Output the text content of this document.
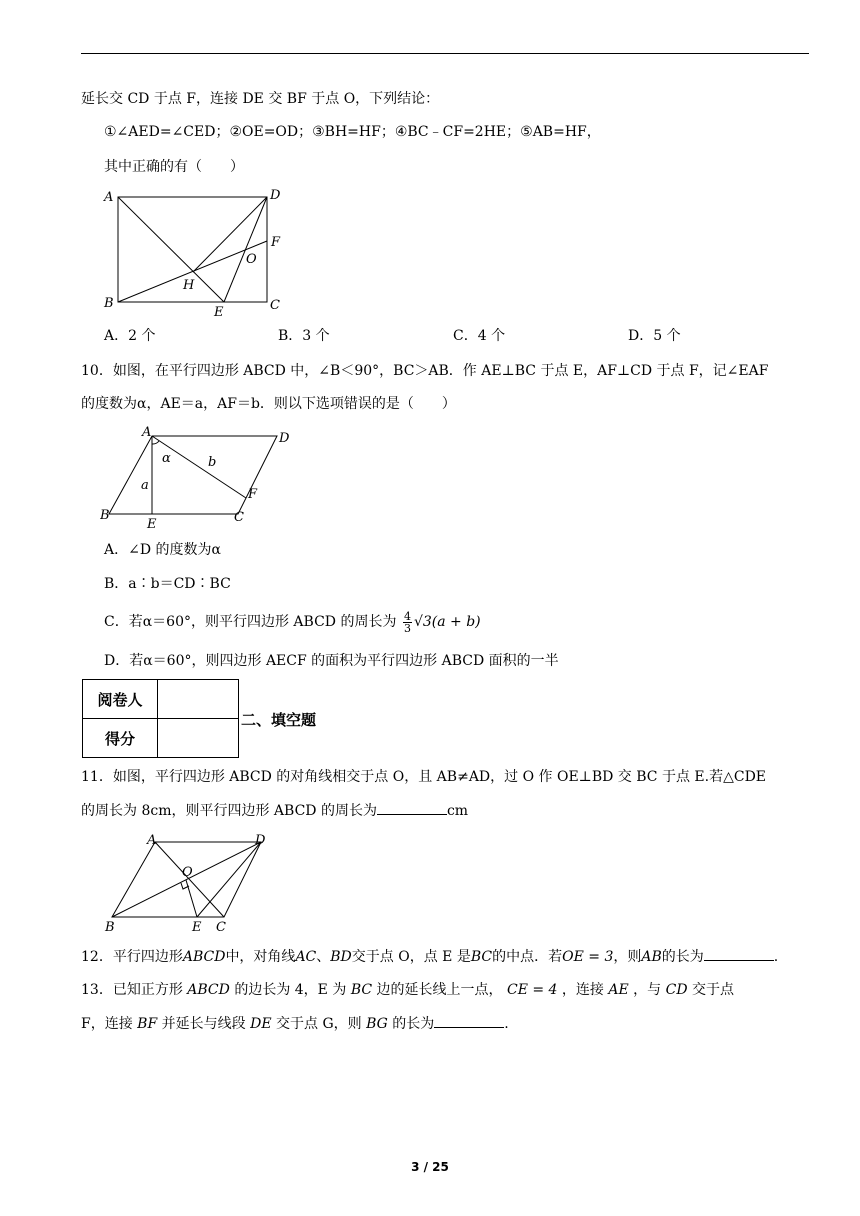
延长交 CD 于点 F，连接 DE 交 BF 于点 O，下列结论：
①∠AED=∠CED；②OE=OD；③BH=HF；④BC﹣CF=2HE；⑤AB=HF，
其中正确的有（　　）
A	D
F
O
H
B
E	C
A．2 个	B．3 个	C．4 个	D．5 个
10．如图，在平行四边形 ABCD 中，∠B＜90°，BC＞AB．作 AE⊥BC 于点 E，AF⊥CD 于点 F，记∠EAF
的度数为α，AE＝a，AF＝b．则以下选项错误的是（　　）
A	D
F
B
E	C
α
a
b
A．∠D 的度数为α
B．a∶b＝CD∶BC
C．若α＝60°，则平行四边形 ABCD 的周长为 $\frac{4}{3} √3(a + b)$
D．若α＝60°，则四边形 AECF 的面积为平行四边形 ABCD 面积的一半
阅卷人	
得分	
二、填空题
11．如图，平行四边形 ABCD 的对角线相交于点 O，且 AB≠AD，过 O 作 OE⊥BD 交 BC 于点 E.若△CDE
的周长为 8cm，则平行四边形 ABCD 的周长为	cm
A	D
O
B	E C
12．平行四边形ABCD中，对角线AC、BD交于点 O，点 E 是BC的中点．若OE = 3，则AB的长为	.
13．已知正方形 ABCD 的边长为 4，E 为 BC 边的延长线上一点， CE = 4 ，连接 AE ，与 CD 交于点
F，连接 BF 并延长与线段 DE 交于点 G，则 BG 的长为	.
3 / 25
